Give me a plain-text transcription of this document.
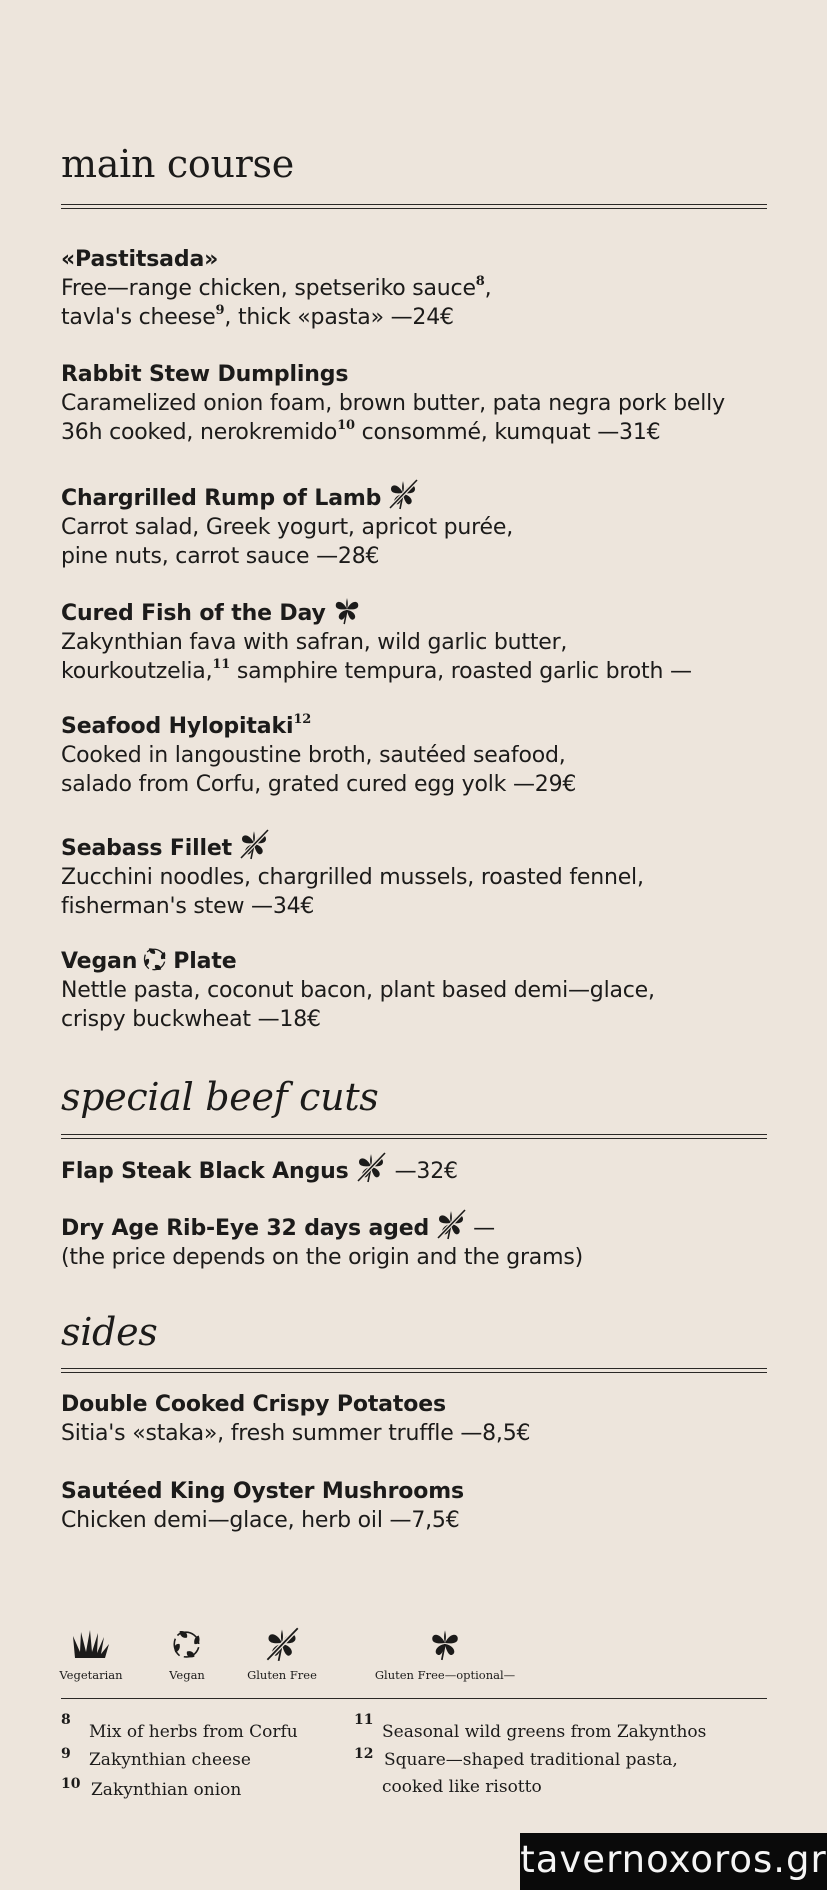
main course
«Pastitsada»
Free—range chicken, spetseriko sauce$^8$,
tavla's cheese$^9$, thick «pasta» —24€
Rabbit Stew Dumplings
Caramelized onion foam, brown butter, pata negra pork belly
36h cooked, nerokremido$^{10}$ consommé, kumquat —31€
Chargrilled Rump of Lamb
Carrot salad, Greek yogurt, apricot purée,
pine nuts, carrot sauce —28€
Cured Fish of the Day
Zakynthian fava with safran, wild garlic butter,
kourkoutzelia,$^{11}$ samphire tempura, roasted garlic broth —
Seafood Hylopitaki$^{12}$
Cooked in langoustine broth, sautéed seafood,
salado from Corfu, grated cured egg yolk —29€
Seabass Fillet
Zucchini noodles, chargrilled mussels, roasted fennel,
fisherman's stew —34€
Vegan Plate
Nettle pasta, coconut bacon, plant based demi—glace,
crispy buckwheat —18€
special beef cuts
Flap Steak Black Angus —32€
Dry Age Rib-Eye 32 days aged —
(the price depends on the origin and the grams)
sides
Double Cooked Crispy Potatoes
Sitia's «staka», fresh summer truffle —8,5€
Sautéed King Oyster Mushrooms
Chicken demi—glace, herb oil —7,5€
Vegetarian	Vegan	Gluten Free	Gluten Free—optional—
8
Mix of herbs from Corfu
9 Zakynthian cheese
10 Zakynthian onion
11
Seasonal wild greens from Zakynthos
12 Square—shaped traditional pasta,
cooked like risotto
tavernoxoros.gr
